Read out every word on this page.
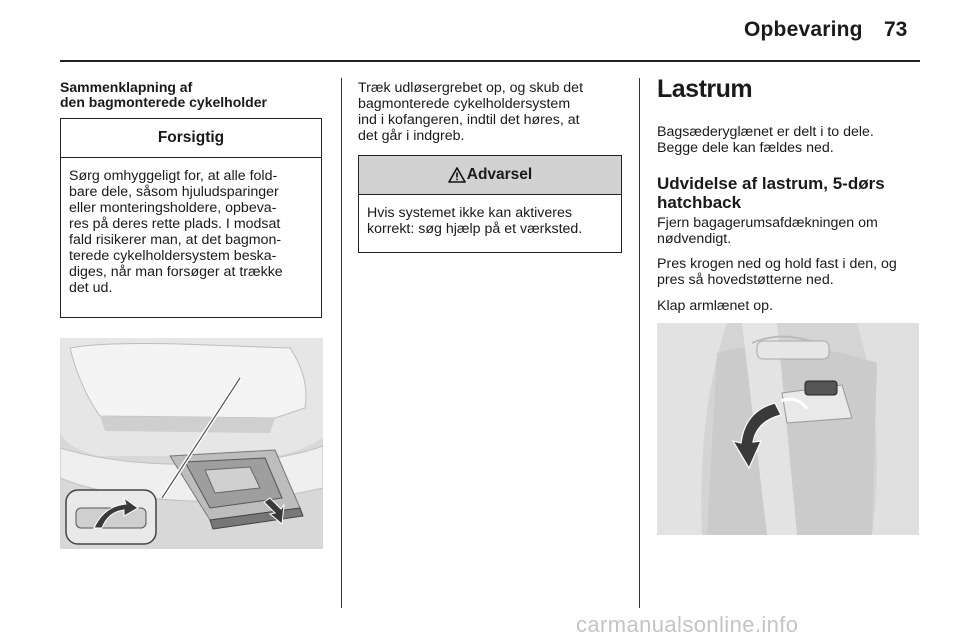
Opbevaring 73
Sammenklapning af
den bagmonterede cykelholder
Forsigtig
Sørg omhyggeligt for, at alle fold-
bare dele, såsom hjuludsparinger
eller monteringsholdere, opbeva-
res på deres rette plads. I modsat
fald risikerer man, at det bagmon-
terede cykelholdersystem beska-
diges, når man forsøger at trække
det ud.
Træk udløsergrebet op, og skub det
bagmonterede cykelholdersystem
ind i kofangeren, indtil det høres, at
det går i indgreb.
Advarsel
Hvis systemet ikke kan aktiveres
korrekt: søg hjælp på et værksted.
Lastrum
Bagsæderyglænet er delt i to dele.
Begge dele kan fældes ned.
Udvidelse af lastrum, 5-dørs
hatchback
Fjern bagagerumsafdækningen om
nødvendigt.
Pres krogen ned og hold fast i den, og
pres så hovedstøtterne ned.
Klap armlænet op.
carmanualsonline.info
